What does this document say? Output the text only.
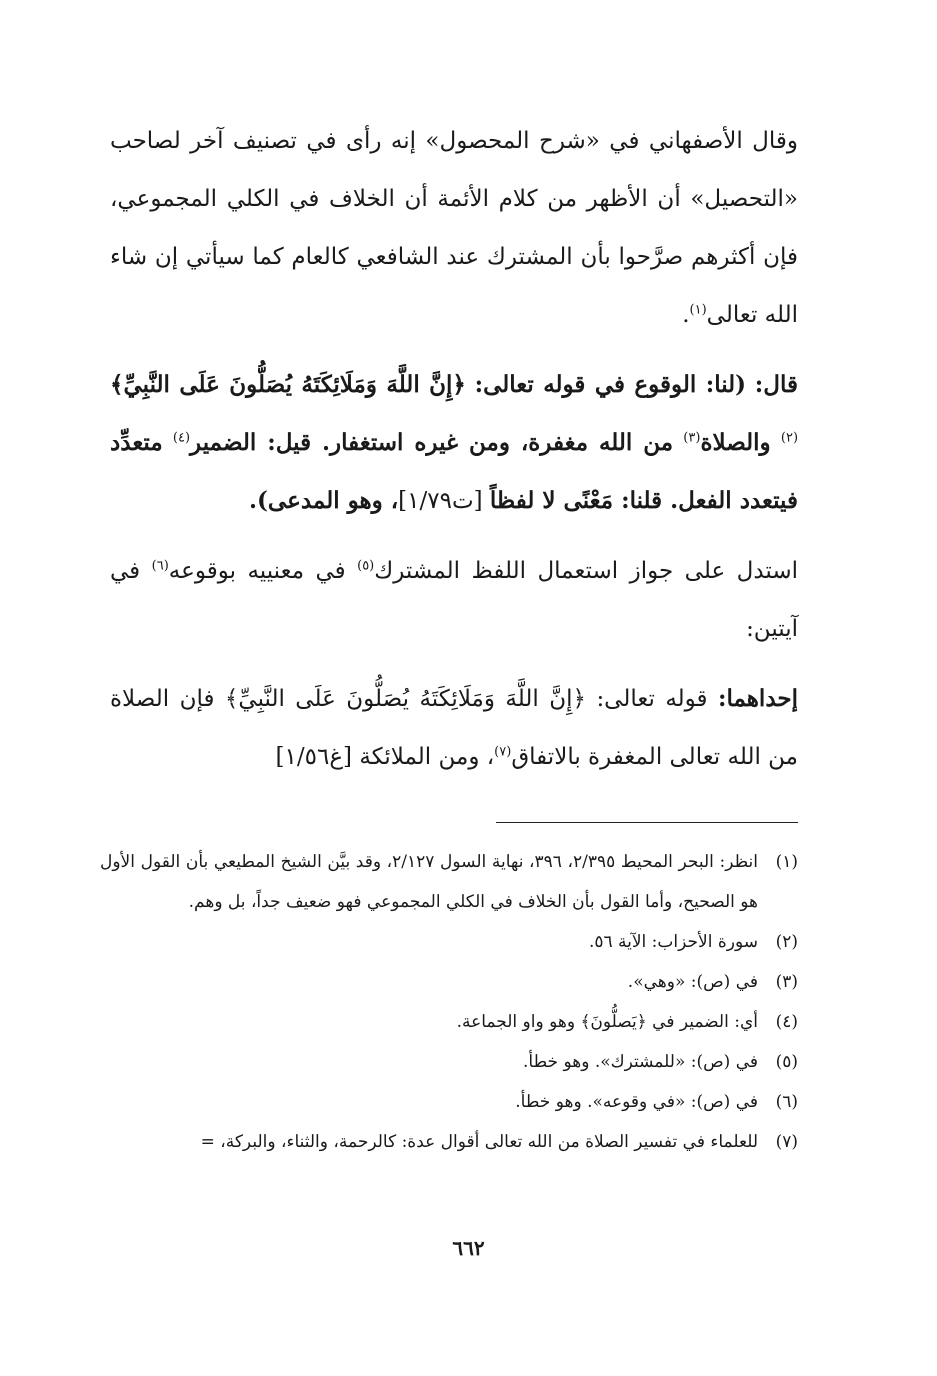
وقال الأصفهاني في «شرح المحصول» إنه رأى في تصنيف آخر لصاحب «التحصيل» أن الأظهر من كلام الأئمة أن الخلاف في الكلي المجموعي، فإن أكثرهم صرَّحوا بأن المشترك عند الشافعي كالعام كما سيأتي إن شاء الله تعالى$^{(١)}$.

قال: (لنا: الوقوع في قوله تعالى: ﴿إِنَّ اللَّهَ وَمَلَائِكَتَهُ يُصَلُّونَ عَلَى النَّبِيِّ﴾$^{(٢)}$ والصلاة$^{(٣)}$ من الله مغفرة، ومن غيره استغفار. قيل: الضمير$^{(٤)}$ متعدِّد فيتعدد الفعل. قلنا: مَعْنًى لا لفظاً [ت١/٧٩]، وهو المدعى).

استدل على جواز استعمال اللفظ المشترك$^{(٥)}$ في معنييه بوقوعه$^{(٦)}$ في آيتين:

إحداهما: قوله تعالى: ﴿إِنَّ اللَّهَ وَمَلَائِكَتَهُ يُصَلُّونَ عَلَى النَّبِيِّ﴾ فإن الصلاة من الله تعالى المغفرة بالاتفاق$^{(٧)}$، ومن الملائكة [غ١/٥٦]

(١)
انظر: البحر المحيط ٢/٣٩٥، ٣٩٦، نهاية السول ٢/١٢٧، وقد بيَّن الشيخ المطيعي بأن القول الأول هو الصحيح، وأما القول بأن الخلاف في الكلي المجموعي فهو ضعيف جداً، بل وهم.
(٢)
سورة الأحزاب: الآية ٥٦.
(٣)
في (ص): «وهي».
(٤)
أي: الضمير في ﴿يَصلُّونَ﴾ وهو واو الجماعة.
(٥)
في (ص): «للمشترك». وهو خطأ.
(٦)
في (ص): «في وقوعه». وهو خطأ.
(٧)
للعلماء في تفسير الصلاة من الله تعالى أقوال عدة: كالرحمة، والثناء، والبركة، =
٦٦٢
